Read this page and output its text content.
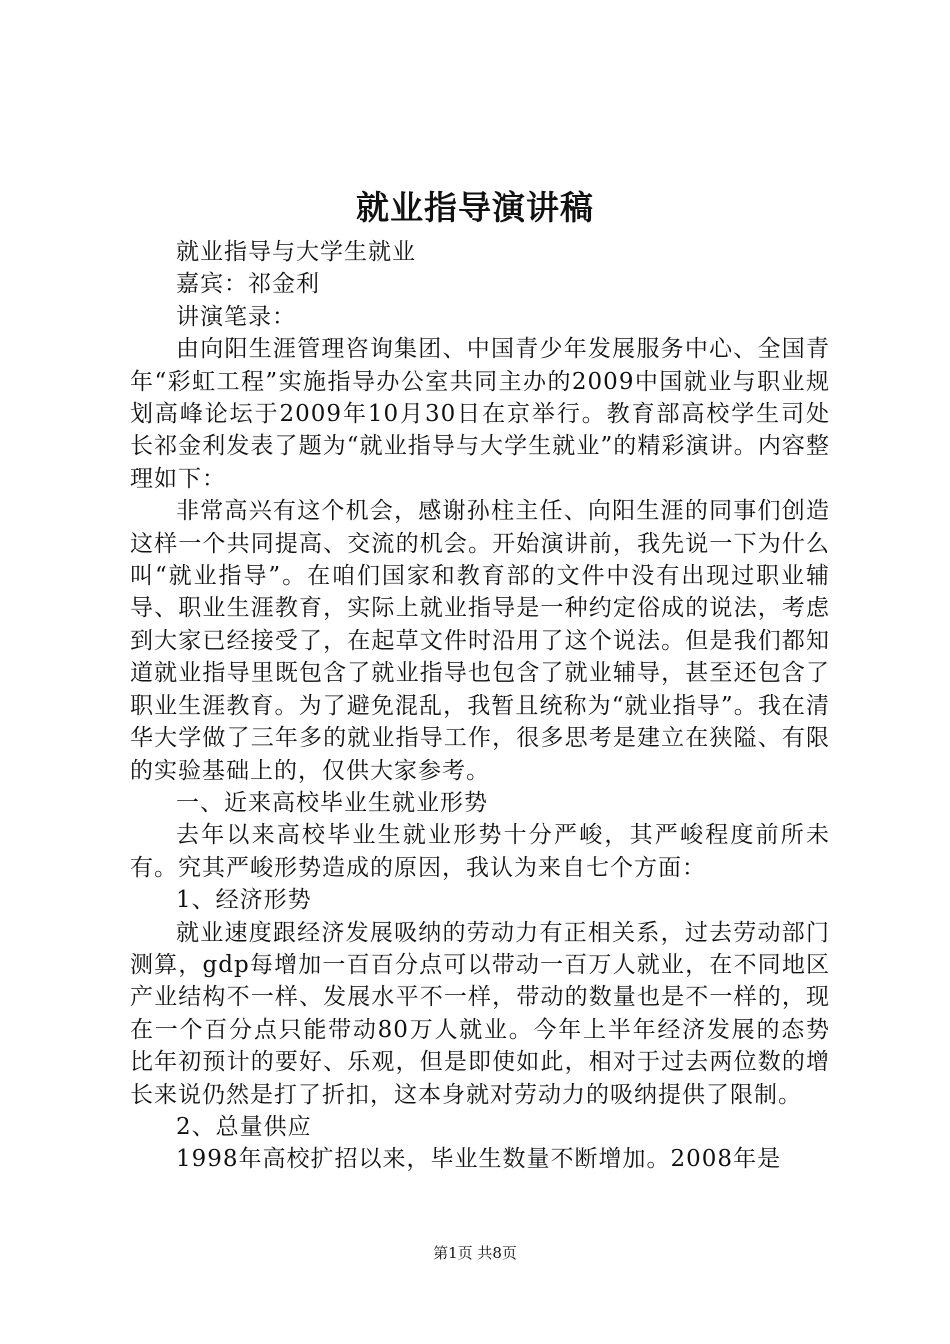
就业指导演讲稿

就业指导与大学生就业

嘉宾：祁金利

讲演笔录：

由向阳生涯管理咨询集团、中国青少年发展服务中心、全国青年“彩虹工程”实施指导办公室共同主办的2009中国就业与职业规划高峰论坛于2009年10月30日在京举行。教育部高校学生司处长祁金利发表了题为“就业指导与大学生就业”的精彩演讲。内容整理如下：

非常高兴有这个机会，感谢孙柱主任、向阳生涯的同事们创造这样一个共同提高、交流的机会。开始演讲前，我先说一下为什么叫“就业指导”。在咱们国家和教育部的文件中没有出现过职业辅导、职业生涯教育，实际上就业指导是一种约定俗成的说法，考虑到大家已经接受了，在起草文件时沿用了这个说法。但是我们都知道就业指导里既包含了就业指导也包含了就业辅导，甚至还包含了职业生涯教育。为了避免混乱，我暂且统称为“就业指导”。我在清华大学做了三年多的就业指导工作，很多思考是建立在狭隘、有限的实验基础上的，仅供大家参考。

一、近来高校毕业生就业形势

去年以来高校毕业生就业形势十分严峻，其严峻程度前所未有。究其严峻形势造成的原因，我认为来自七个方面：

1、经济形势

就业速度跟经济发展吸纳的劳动力有正相关系，过去劳动部门测算，gdp每增加一百百分点可以带动一百万人就业，在不同地区产业结构不一样、发展水平不一样，带动的数量也是不一样的，现在一个百分点只能带动80万人就业。今年上半年经济发展的态势比年初预计的要好、乐观，但是即使如此，相对于过去两位数的增长来说仍然是打了折扣，这本身就对劳动力的吸纳提供了限制。

2、总量供应

1998年高校扩招以来，毕业生数量不断增加。2008年是

第1页 共8页
